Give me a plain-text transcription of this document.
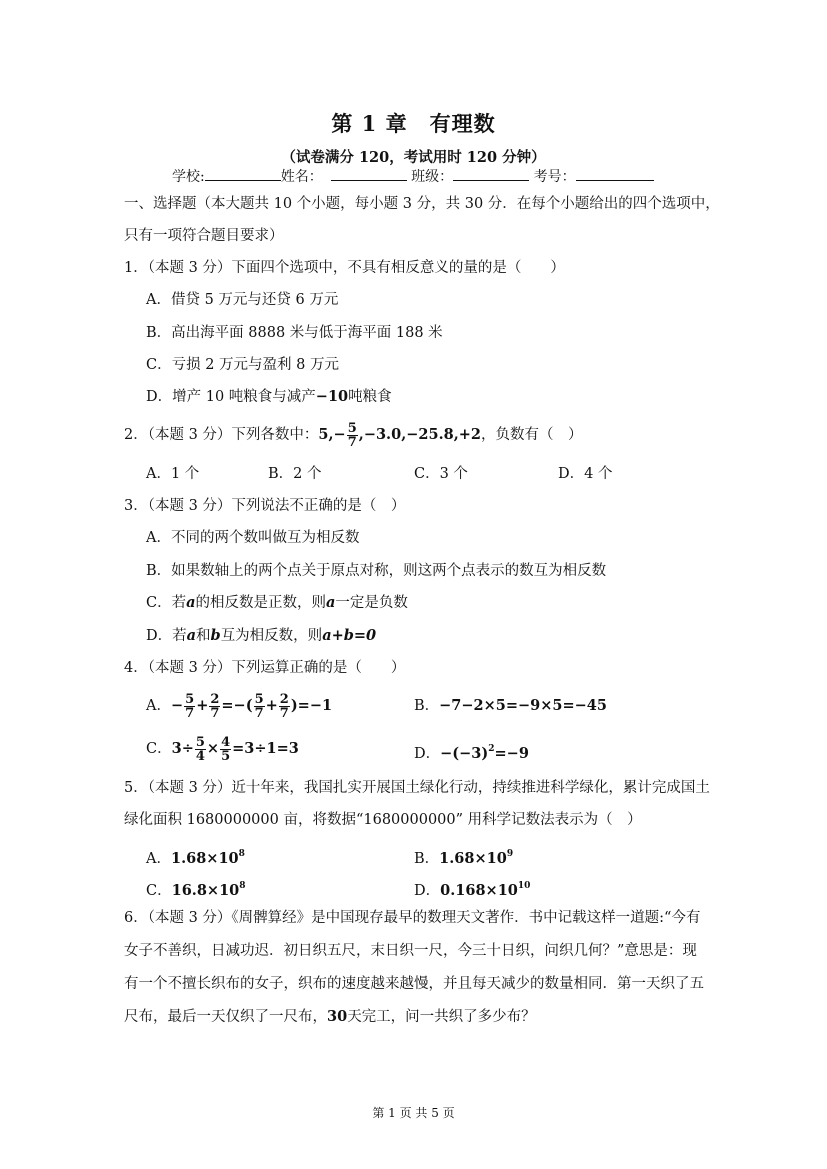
第 1 章　有理数
（试卷满分 120，考试用时 120 分钟）
学校:	姓名：	班级：	考号：
一、选择题（本大题共 10 个小题，每小题 3 分，共 30 分．在每个小题给出的四个选项中，
只有一项符合题目要求）
1．（本题 3 分）下面四个选项中，不具有相反意义的量的是（　　）
A．借贷 5 万元与还贷 6 万元
B．高出海平面 8888 米与低于海平面 188 米
C．亏损 2 万元与盈利 8 万元
D．增产 10 吨粮食与减产−10吨粮食
2．（本题 3 分）下列各数中：$5,- \frac{5}{7} ,-3.0,-25.8,+2$，负数有（　）
A．1 个	B．2 个	C．3 个	D．4 个
3．（本题 3 分）下列说法不正确的是（　）
A．不同的两个数叫做互为相反数
B．如果数轴上的两个点关于原点对称，则这两个点表示的数互为相反数
C．若a的相反数是正数，则a一定是负数
D．若a和b互为相反数，则a+b=0
4．（本题 3 分）下列运算正确的是（　　）
A．− $\frac{5}{7} + \frac{2}{7}$ =−( $\frac{5}{7} + \frac{2}{7} )=-1$	B．−7−2×5=−9×5=−45
C．$3\div \frac{5}{4} \times \frac{4}{5} =3\div 1=3$	D．$-(-3)^2=-9$
5．（本题 3 分）近十年来，我国扎实开展国土绿化行动，持续推进科学绿化，累计完成国土
绿化面积 1680000000 亩，将数据“1680000000” 用科学记数法表示为（　）
A．$1.68\times 10^8$	B．$1.68\times 10^9$
C．$16.8\times 10^8$	D．$0.168\times 10^{10}$
6．（本题 3 分）《周髀算经》是中国现存最早的数理天文著作．书中记载这样一道题:“今有
女子不善织，日减功迟．初日织五尺，末日织一尺，今三十日织，问织几何？”意思是：现
有一个不擅长织布的女子，织布的速度越来越慢，并且每天减少的数量相同．第一天织了五
尺布，最后一天仅织了一尺布，30天完工，问一共织了多少布？
第 1 页 共 5 页
